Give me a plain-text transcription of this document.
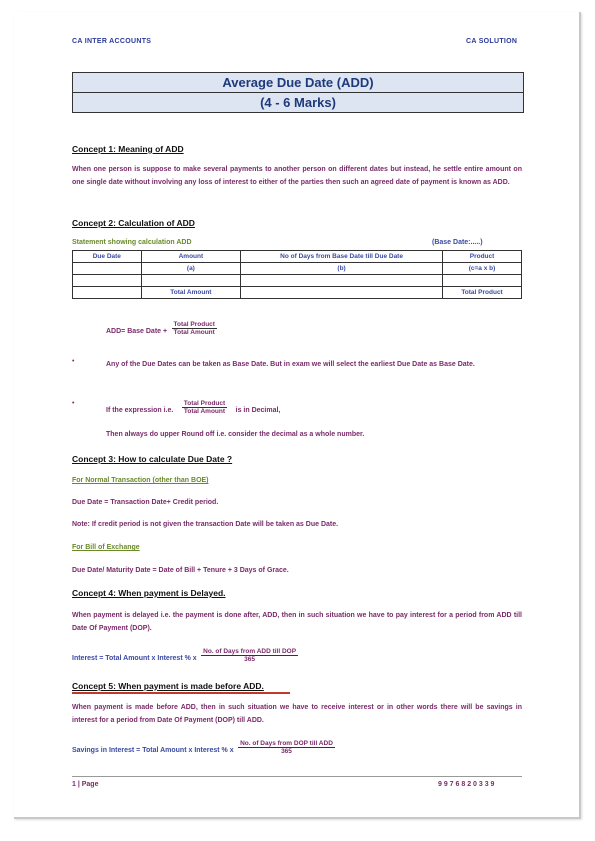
CA INTER ACCOUNTS	CA SOLUTION
Average Due Date (ADD)
(4 - 6 Marks)
Concept 1: Meaning of ADD
When one person is suppose to make several payments to another person on different dates but instead, he settle entire amount on one single date without involving any loss of interest to either of the parties then such an agreed date of payment is known as ADD.
Concept 2: Calculation of ADD
Statement showing calculation ADD	(Base Date:.....)
Due Date	Amount	No of Days from Base Date till Due Date	Product
	(a)	(b)	(c=a x b)

	Total Amount		Total Product
ADD= Base Date + $\frac{\text{Total Product}}{\text{Total Amount}}$
•	Any of the Due Dates can be taken as Base Date. But in exam we will select the earliest Due Date as Base Date.
•
If the expression i.e. $\frac{\text{Total Product}}{\text{Total Amount}}$ is in Decimal,
Then always do upper Round off i.e. consider the decimal as a whole number.
Concept 3: How to calculate Due Date ?
For Normal Transaction (other than BOE)
Due Date = Transaction Date+ Credit period.
Note: If credit period is not given the transaction Date will be taken as Due Date.
For Bill of Exchange
Due Date/ Maturity Date = Date of Bill + Tenure + 3 Days of Grace.
Concept 4: When payment is Delayed.
When payment is delayed i.e. the payment is done after, ADD, then in such situation we have to pay interest for a period from ADD till Date Of Payment (DOP).
Interest = Total Amount x Interest % x $\frac{\text{No. of Days from ADD till DOP}}{365}$
Concept 5: When payment is made before ADD.
When payment is made before ADD, then in such situation we have to receive interest or in other words there will be savings in interest for a period from Date Of Payment (DOP) till ADD.
Savings in Interest = Total Amount x Interest % x $\frac{\text{No. of Days from DOP till ADD}}{365}$
1 | Page	9 9 7 6 8 2 0 3 3 9
